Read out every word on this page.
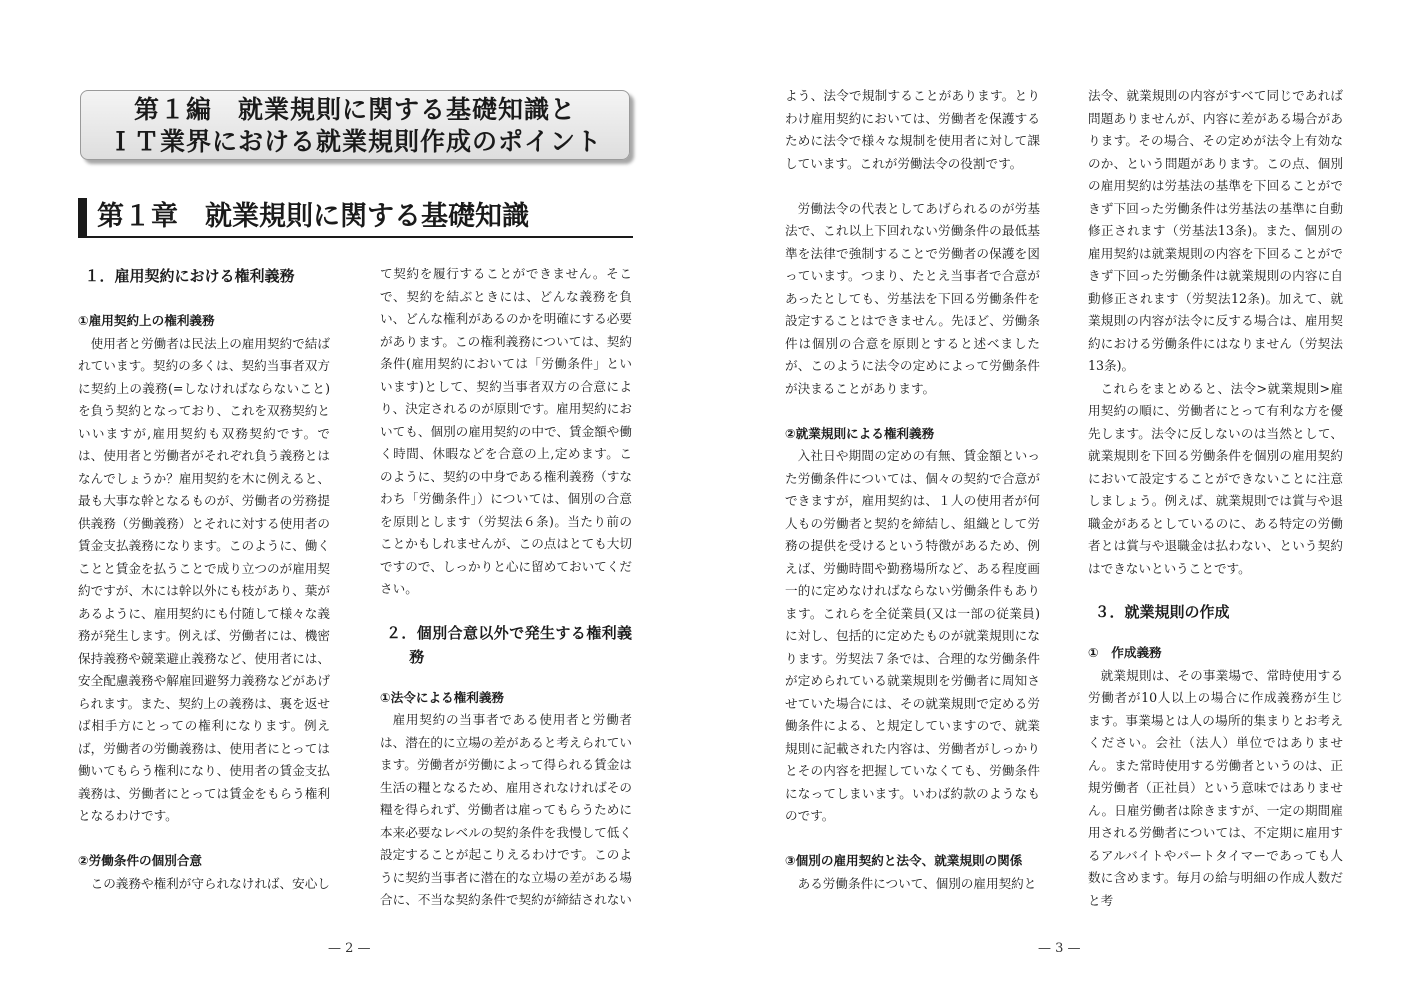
第１編　就業規則に関する基礎知識と
ＩＴ業界における就業規則作成のポイント
第１章　就業規則に関する基礎知識

１．雇用契約における権利義務

①雇用契約上の権利義務

使用者と労働者は民法上の雇用契約で結ばれています。契約の多くは、契約当事者双方に契約上の義務(=しなければならないこと)を負う契約となっており、これを双務契約といいますが,雇用契約も双務契約です。では、使用者と労働者がそれぞれ負う義務とはなんでしょうか？雇用契約を木に例えると、最も大事な幹となるものが、労働者の労務提供義務（労働義務）とそれに対する使用者の賃金支払義務になります。このように、働くことと賃金を払うことで成り立つのが雇用契約ですが、木には幹以外にも枝があり、葉があるように、雇用契約にも付随して様々な義務が発生します。例えば、労働者には、機密保持義務や競業避止義務など、使用者には、安全配慮義務や解雇回避努力義務などがあげられます。また、契約上の義務は、裏を返せば相手方にとっての権利になります。例えば，労働者の労働義務は、使用者にとっては働いてもらう権利になり、使用者の賃金支払義務は、労働者にとっては賃金をもらう権利となるわけです。

②労働条件の個別合意

この義務や権利が守られなければ、安心し

て契約を履行することができません。そこで、契約を結ぶときには、どんな義務を負い、どんな権利があるのかを明確にする必要があります。この権利義務については、契約条件(雇用契約においては「労働条件」といいます)として、契約当事者双方の合意により、決定されるのが原則です。雇用契約においても、個別の雇用契約の中で、賃金額や働く時間、休暇などを合意の上,定めます。このように、契約の中身である権利義務（すなわち「労働条件」）については、個別の合意を原則とします（労契法６条)。当たり前のことかもしれませんが、この点はとても大切ですので、しっかりと心に留めておいてください。

２．個別合意以外で発生する権利義務

①法令による権利義務

雇用契約の当事者である使用者と労働者は、潜在的に立場の差があると考えられています。労働者が労働によって得られる賃金は生活の糧となるため、雇用されなければその糧を得られず、労働者は雇ってもらうために本来必要なレベルの契約条件を我慢して低く設定することが起こりえるわけです。このように契約当事者に潜在的な立場の差がある場合に、不当な契約条件で契約が締結されない

— 2 —

よう、法令で規制することがあります。とりわけ雇用契約においては、労働者を保護するために法令で様々な規制を使用者に対して課しています。これが労働法令の役割です。

労働法令の代表としてあげられるのが労基法で、これ以上下回れない労働条件の最低基準を法律で強制することで労働者の保護を図っています。つまり、たとえ当事者で合意があったとしても、労基法を下回る労働条件を設定することはできません。先ほど、労働条件は個別の合意を原則とすると述べましたが、このように法令の定めによって労働条件が決まることがあります。

②就業規則による権利義務

入社日や期間の定めの有無、賃金額といった労働条件については、個々の契約で合意ができますが，雇用契約は、１人の使用者が何人もの労働者と契約を締結し、組織として労務の提供を受けるという特徴があるため、例えば、労働時間や勤務場所など、ある程度画一的に定めなければならない労働条件もあります。これらを全従業員(又は一部の従業員)に対し、包括的に定めたものが就業規則になります。労契法７条では、合理的な労働条件が定められている就業規則を労働者に周知させていた場合には、その就業規則で定める労働条件による、と規定していますので、就業規則に記載された内容は、労働者がしっかりとその内容を把握していなくても、労働条件になってしまいます。いわば約款のようなものです。

③個別の雇用契約と法令、就業規則の関係

ある労働条件について、個別の雇用契約と

法令、就業規則の内容がすべて同じであれば問題ありませんが、内容に差がある場合があります。その場合、その定めが法令上有効なのか、という問題があります。この点、個別の雇用契約は労基法の基準を下回ることができず下回った労働条件は労基法の基準に自動修正されます（労基法13条)。また、個別の雇用契約は就業規則の内容を下回ることができず下回った労働条件は就業規則の内容に自動修正されます（労契法12条)。加えて、就業規則の内容が法令に反する場合は、雇用契約における労働条件にはなりません（労契法13条)。

これらをまとめると、法令>就業規則>雇用契約の順に、労働者にとって有利な方を優先します。法令に反しないのは当然として、就業規則を下回る労働条件を個別の雇用契約において設定することができないことに注意しましょう。例えば、就業規則では賞与や退職金があるとしているのに、ある特定の労働者とは賞与や退職金は払わない、という契約はできないということです。

３．就業規則の作成

①　作成義務

就業規則は、その事業場で、常時使用する労働者が10人以上の場合に作成義務が生じます。事業場とは人の場所的集まりとお考えください。会社（法人）単位ではありません。また常時使用する労働者というのは、正規労働者（正社員）という意味ではありません。日雇労働者は除きますが、一定の期間雇用される労働者については、不定期に雇用するアルバイトやパートタイマーであっても人数に含めます。毎月の給与明細の作成人数だと考

— 3 —
